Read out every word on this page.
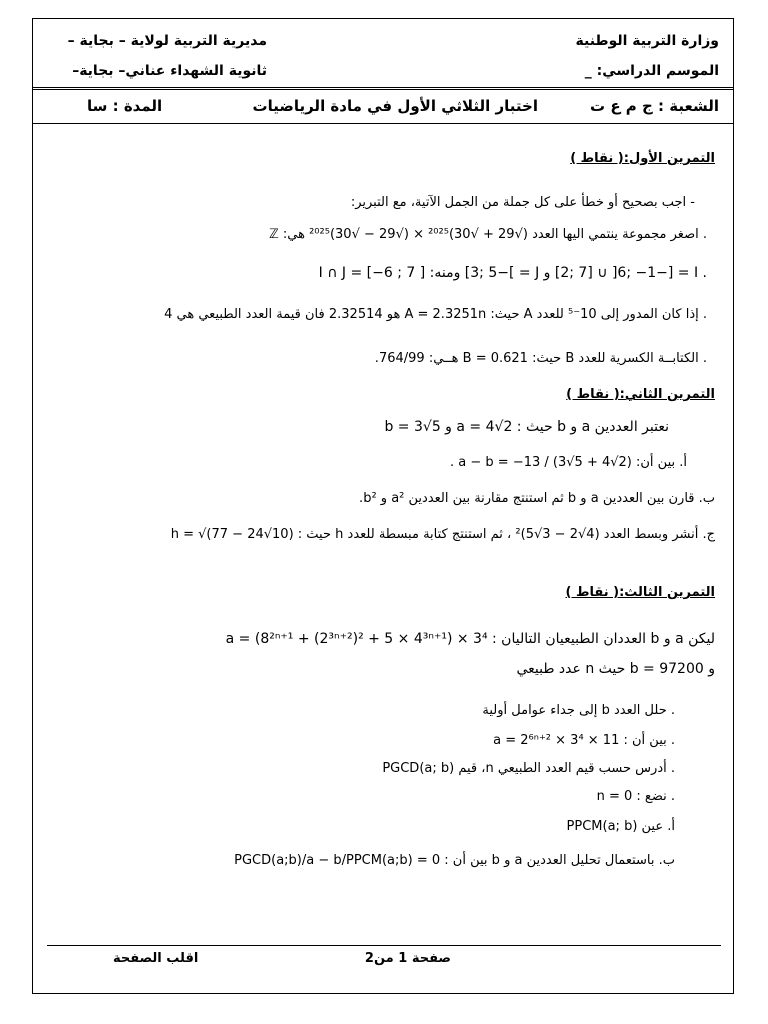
وزارة التربية الوطنية
مديرية التربية لولاية – بجاية –
الموسم الدراسي: _
ثانوية الشهداء عناني– بجاية–
الشعبة : ج م ع ت
اختبار الثلاثي الأول في مادة الرياضيات
المدة : سا
التمرين الأول:( نقاط )
- اجب بصحيح أو خطأ على كل جملة من الجمل الآتية، مع التبرير:
. اصغر مجموعة ينتمي اليها العدد (√29 + √30)²⁰²⁵ × (√29 − √30)²⁰²⁵ هي: ℤ
. I = [−6; −1[ ∪ [2; 7] و J = ]−3; 5] ومنه: I ∩ J = [−6 ; 7 ]
. إذا كان المدور إلى 10⁻⁵ للعدد A حيث: A = 2.3251n هو 2.32514 فان قيمة العدد الطبيعي هي 4
. الكتابــة الكسرية للعدد B حيث: B = 0.621 هــي: 764/99.
التمرين الثاني:( نقاط )
نعتبر العددين a و b حيث : a = 4√2 و b = 3√5
أ. بين أن: a − b = −13 / (3√5 + 4√2) .
ب. قارن بين العددين a و b ثم استنتج مقارنة بين العددين a² و b².
ج. أنشر وبسط العدد (4√2 − 3√5)² ، ثم استنتج كتابة مبسطة للعدد h حيث : h = √(77 − 24√10)
التمرين الثالث:( نقاط )
ليكن a و b العددان الطبيعيان التاليان : a = (8²ⁿ⁺¹ + (2³ⁿ⁺²)² + 5 × 4³ⁿ⁺¹) × 3⁴
و b = 97200 حيث n عدد طبيعي
. حلل العدد b إلى جداء عوامل أولية
. بين أن : a = 2⁶ⁿ⁺² × 3⁴ × 11
. أدرس حسب قيم العدد الطبيعي n، قيم PGCD(a; b)
. نضع : n = 0
أ. عين PPCM(a; b)
ب. باستعمال تحليل العددين a و b بين أن : PGCD(a;b)/a − b/PPCM(a;b) = 0
صفحة 1 من2
اقلب الصفحة
